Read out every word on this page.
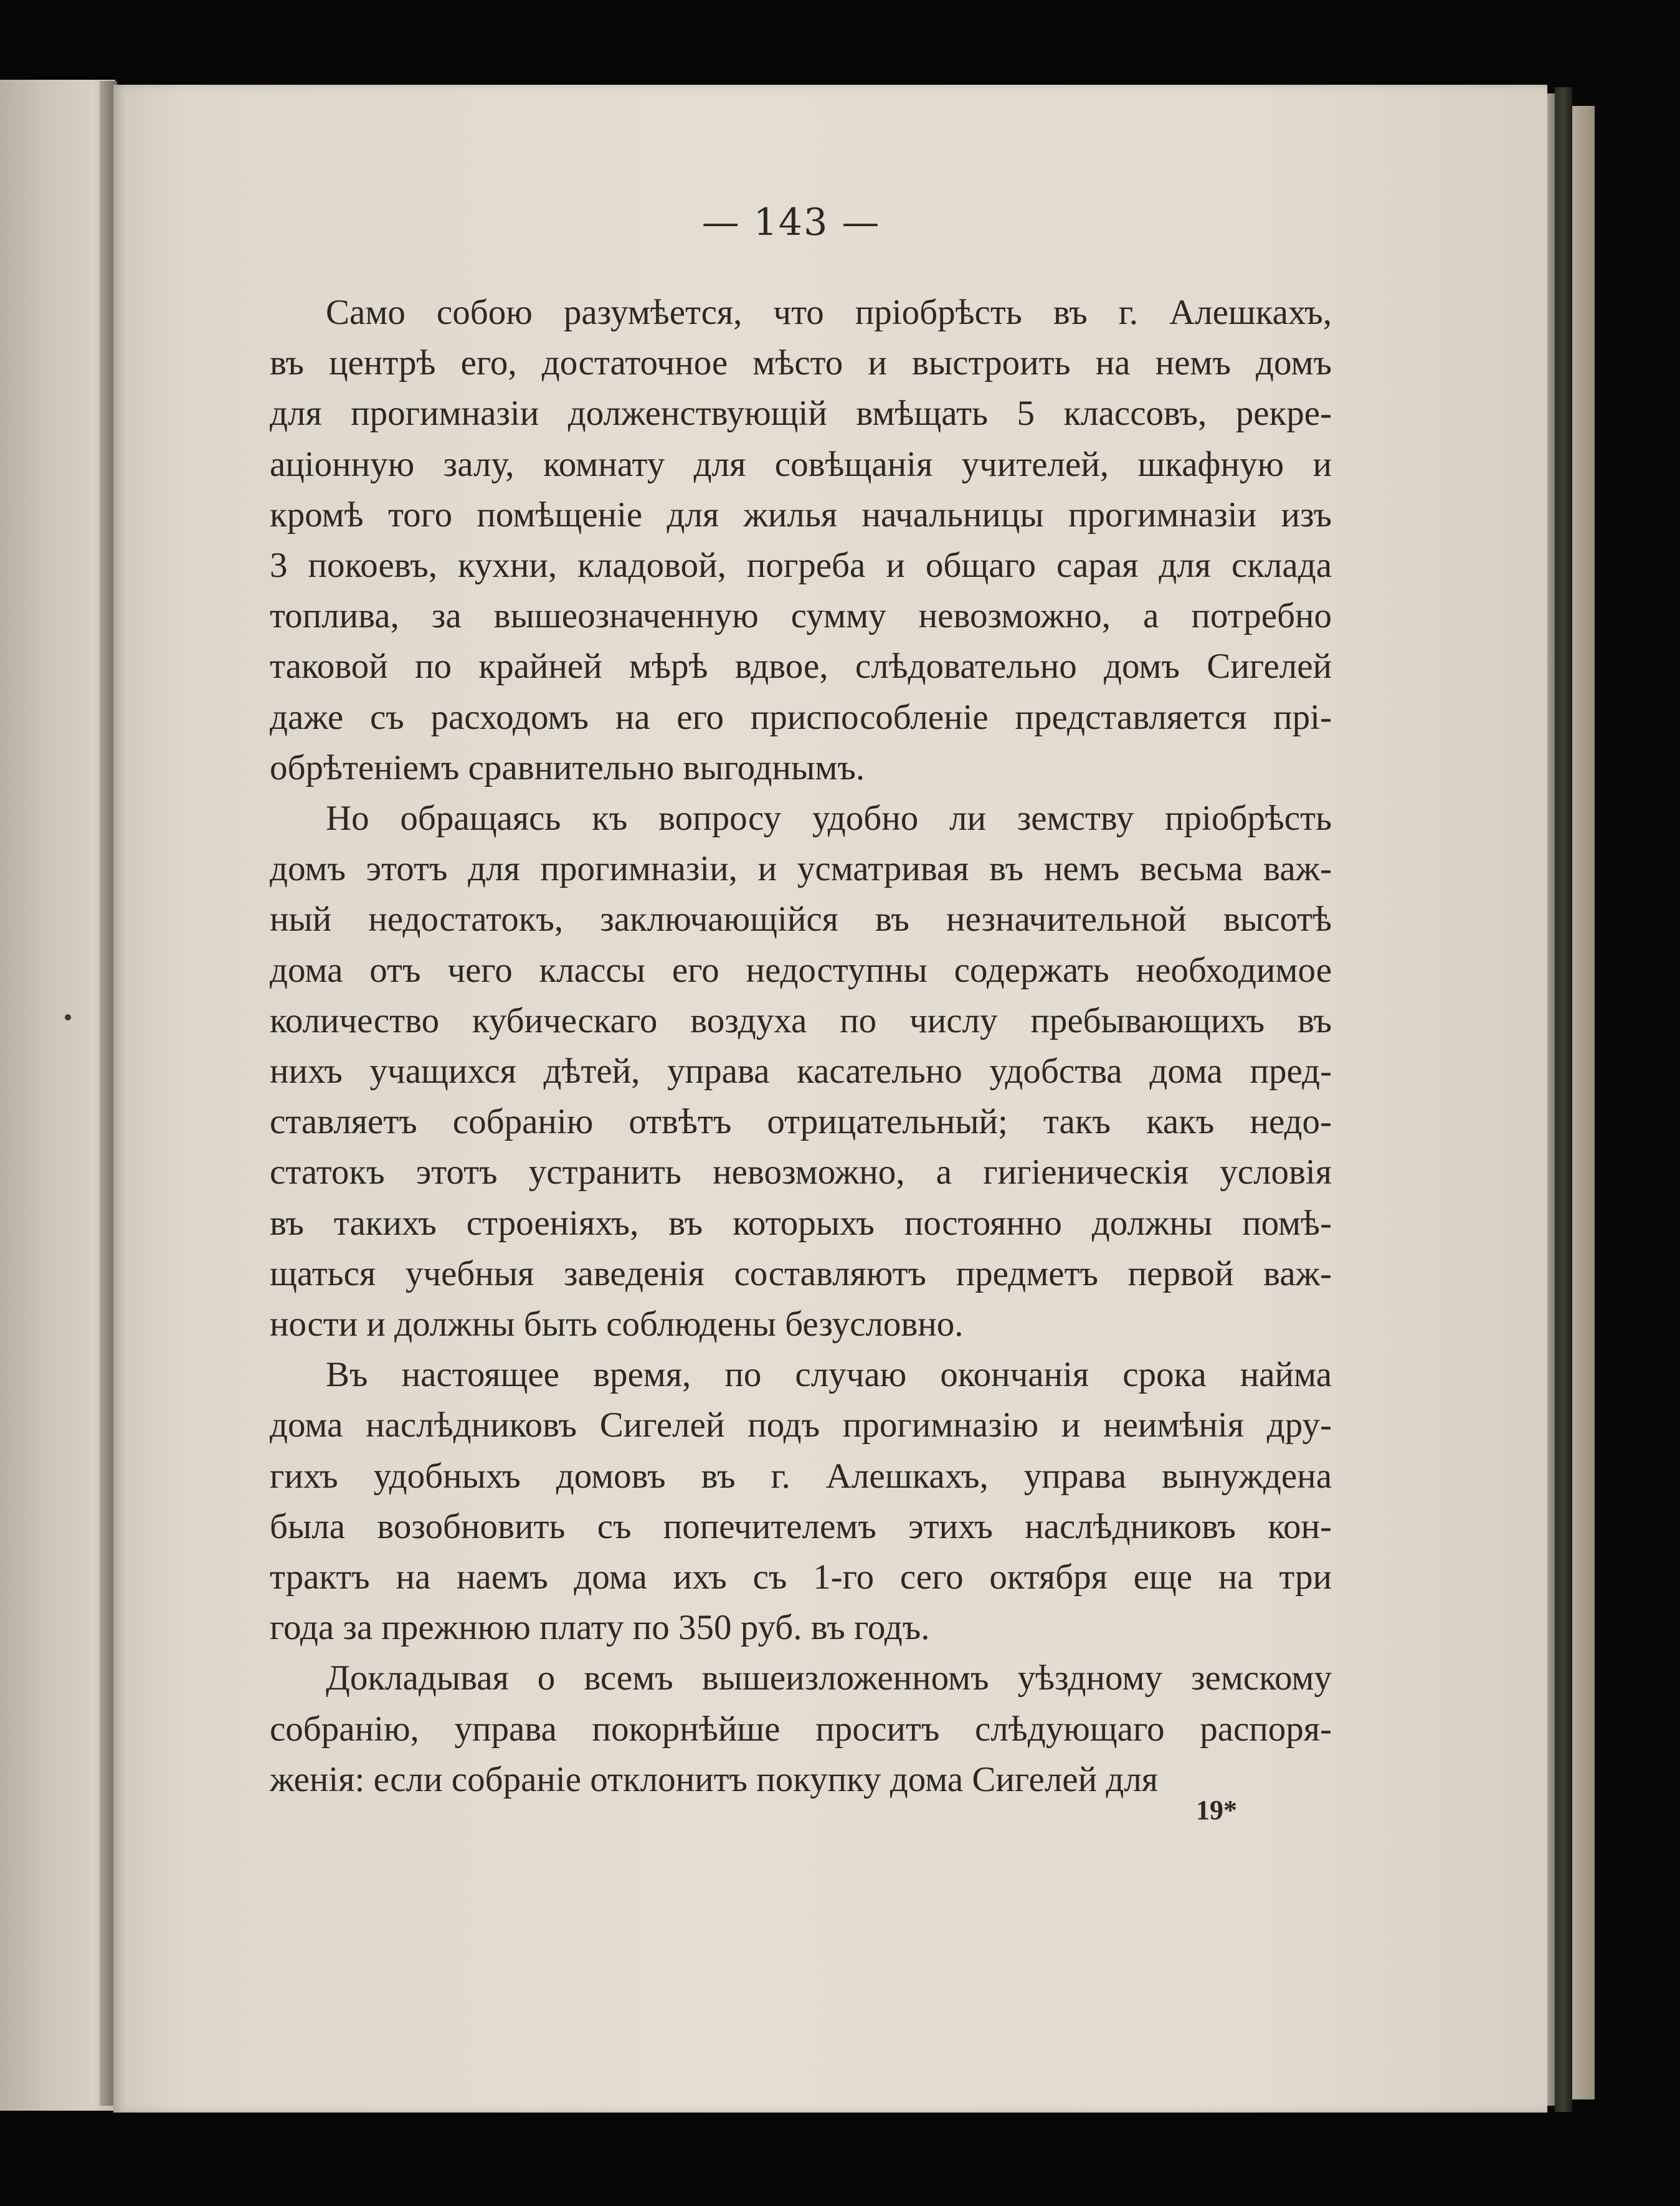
— 143 —
Само собою разумѣется, что пріобрѣсть въ г. Алешкахъ,
въ центрѣ его, достаточное мѣсто и выстроить на немъ домъ
для прогимназіи долженствующій вмѣщать 5 классовъ, рекре-
аціонную залу, комнату для совѣщанія учителей, шкафную и
кромѣ того помѣщеніе для жилья начальницы прогимназіи изъ
3 покоевъ, кухни, кладовой, погреба и общаго сарая для склада
топлива, за вышеозначенную сумму невозможно, а потребно
таковой по крайней мѣрѣ вдвое, слѣдовательно домъ Сигелей
даже съ расходомъ на его приспособленіе представляется прі-
обрѣтеніемъ сравнительно выгоднымъ.
Но обращаясь къ вопросу удобно ли земству пріобрѣсть
домъ этотъ для прогимназіи, и усматривая въ немъ весьма важ-
ный недостатокъ, заключающійся въ незначительной высотѣ
дома отъ чего классы его недоступны содержать необходимое
количество кубическаго воздуха по числу пребывающихъ въ
нихъ учащихся дѣтей, управа касательно удобства дома пред-
ставляетъ собранію отвѣтъ отрицательный; такъ какъ недо-
статокъ этотъ устранить невозможно, а гигіеническія условія
въ такихъ строеніяхъ, въ которыхъ постоянно должны помѣ-
щаться учебныя заведенія составляютъ предметъ первой важ-
ности и должны быть соблюдены безусловно.
Въ настоящее время, по случаю окончанія срока найма
дома наслѣдниковъ Сигелей подъ прогимназію и неимѣнія дру-
гихъ удобныхъ домовъ въ г. Алешкахъ, управа вынуждена
была возобновить съ попечителемъ этихъ наслѣдниковъ кон-
трактъ на наемъ дома ихъ съ 1-го сего октября еще на три
года за прежнюю плату по 350 руб. въ годъ.
Докладывая о всемъ вышеизложенномъ уѣздному земскому
собранію, управа покорнѣйше проситъ слѣдующаго распоря-
женія: если собраніе отклонитъ покупку дома Сигелей для
19*
